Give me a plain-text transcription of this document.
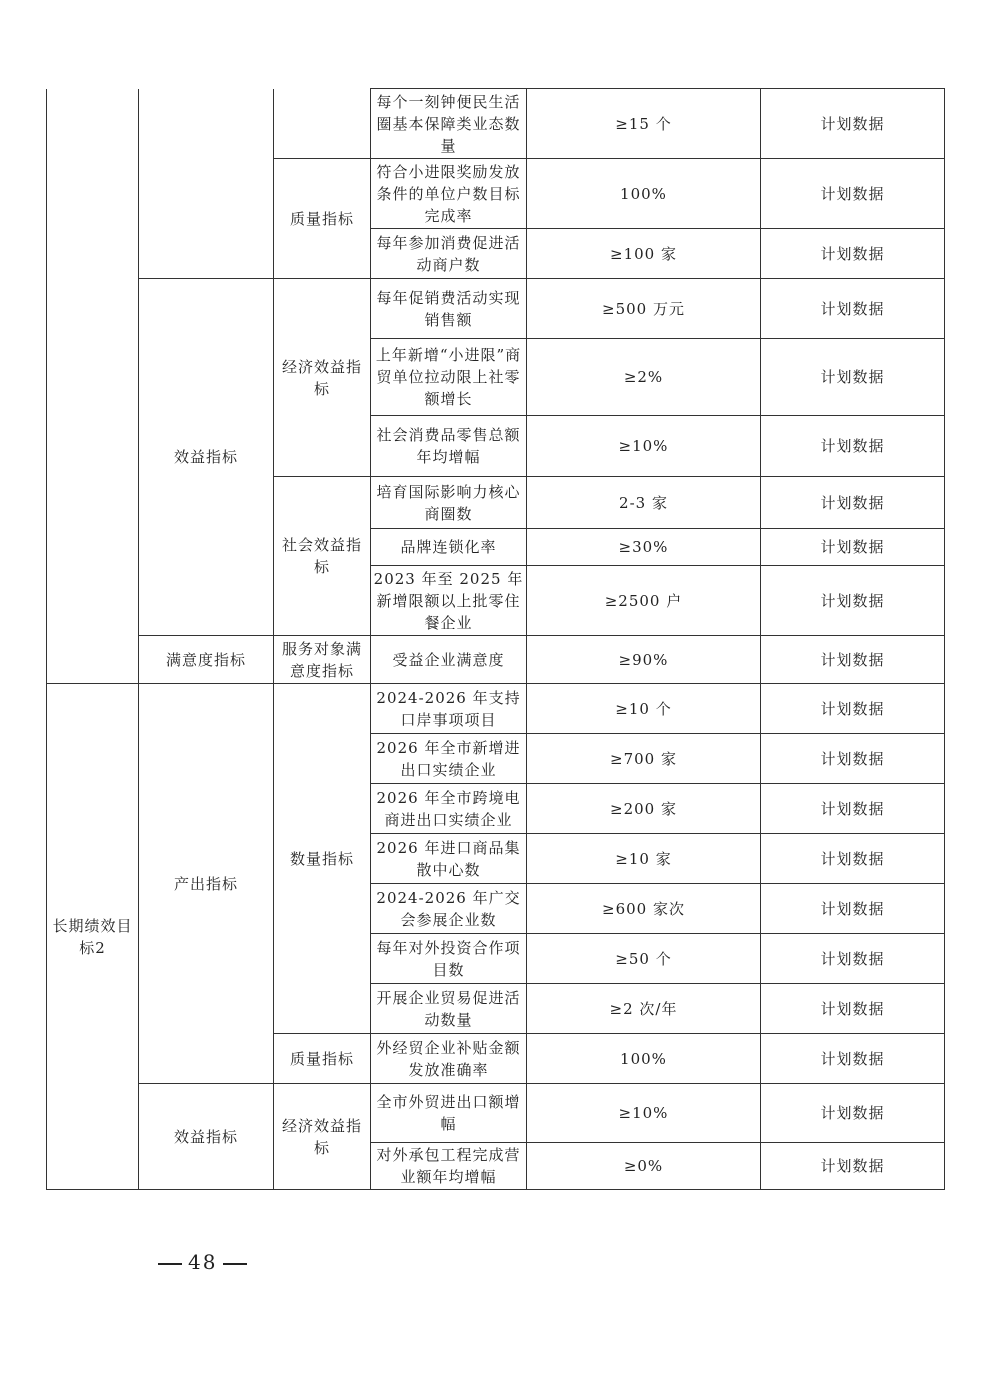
			每个一刻钟便民生活圈基本保障类业态数量	≥15 个	计划数据
		质量指标	符合小进限奖励发放条件的单位户数目标完成率	100%	计划数据
			每年参加消费促进活动商户数	≥100 家	计划数据
	效益指标	经济效益指标	每年促销费活动实现销售额	≥500 万元	计划数据
			上年新增“小进限”商贸单位拉动限上社零额增长	≥2%	计划数据
			社会消费品零售总额年均增幅	≥10%	计划数据
		社会效益指标	培育国际影响力核心商圈数	2-3 家	计划数据
			品牌连锁化率	≥30%	计划数据
			2023 年至 2025 年新增限额以上批零住餐企业	≥2500 户	计划数据
	满意度指标	服务对象满意度指标	受益企业满意度	≥90%	计划数据
长期绩效目标2	产出指标	数量指标	2024-2026 年支持口岸事项项目	≥10 个	计划数据
			2026 年全市新增进出口实绩企业	≥700 家	计划数据
			2026 年全市跨境电商进出口实绩企业	≥200 家	计划数据
			2026 年进口商品集散中心数	≥10 家	计划数据
			2024-2026 年广交会参展企业数	≥600 家次	计划数据
			每年对外投资合作项目数	≥50 个	计划数据
			开展企业贸易促进活动数量	≥2 次/年	计划数据
		质量指标	外经贸企业补贴金额发放准确率	100%	计划数据
	效益指标	经济效益指标	全市外贸进出口额增幅	≥10%	计划数据
			对外承包工程完成营业额年均增幅	≥0%	计划数据
48
